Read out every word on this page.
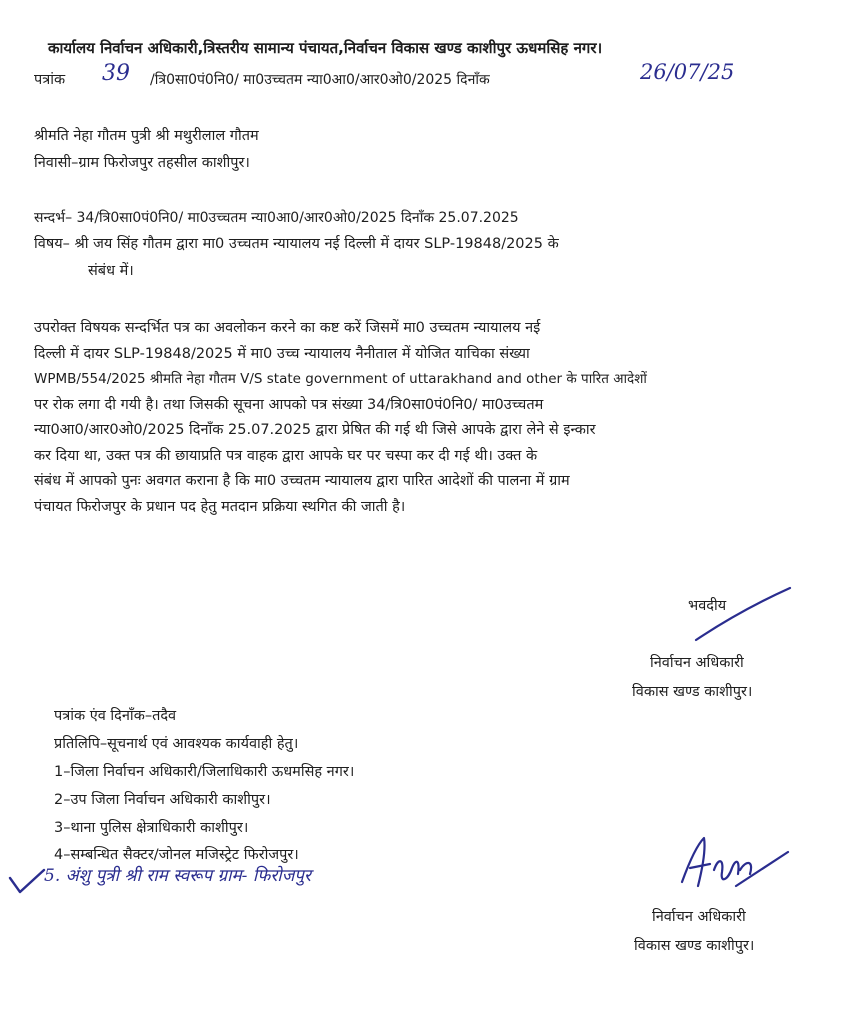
कार्यालय निर्वाचन अधिकारी,त्रिस्तरीय सामान्य पंचायत,निर्वाचन विकास खण्ड काशीपुर ऊधमसिह नगर।
पत्रांक 39 /त्रि0सा0पं0नि0/ मा0उच्चतम न्या0आ0/आर0ओ0/2025 दिनाँक	26/07/25
श्रीमति नेहा गौतम पुत्री श्री मथुरीलाल गौतम
निवासी–ग्राम फिरोजपुर तहसील काशीपुर।
सन्दर्भ– 34/त्रि0सा0पं0नि0/ मा0उच्चतम न्या0आ0/आर0ओ0/2025 दिनाँक 25.07.2025
विषय– श्री जय सिंह गौतम द्वारा मा0 उच्चतम न्यायालय नई दिल्ली में दायर SLP-19848/2025 के
संबंध में।
उपरोक्त विषयक सन्दर्भित पत्र का अवलोकन करने का कष्ट करें जिसमें मा0 उच्चतम न्यायालय नई
दिल्ली में दायर SLP-19848/2025 में मा0 उच्च न्यायालय नैनीताल में योजित याचिका संख्या
WPMB/554/2025 श्रीमति नेहा गौतम V/S state government of uttarakhand and other के पारित आदेशों
पर रोक लगा दी गयी है। तथा जिसकी सूचना आपको पत्र संख्या 34/त्रि0सा0पं0नि0/ मा0उच्चतम
न्या0आ0/आर0ओ0/2025 दिनाँक 25.07.2025 द्वारा प्रेषित की गई थी जिसे आपके द्वारा लेने से इन्कार
कर दिया था, उक्त पत्र की छायाप्रति पत्र वाहक द्वारा आपके घर पर चस्पा कर दी गई थी। उक्त के
संबंध में आपको पुनः अवगत कराना है कि मा0 उच्चतम न्यायालय द्वारा पारित आदेशों की पालना में ग्राम
पंचायत फिरोजपुर के प्रधान पद हेतु मतदान प्रक्रिया स्थगित की जाती है।
भवदीय
निर्वाचन अधिकारी
विकास खण्ड काशीपुर।
पत्रांक एंव दिनाँक–तदैव
प्रतिलिपि–सूचनार्थ एवं आवश्यक कार्यवाही हेतु।
1–जिला निर्वाचन अधिकारी/जिलाधिकारी ऊधमसिह नगर।
2–उप जिला निर्वाचन अधिकारी काशीपुर।
3–थाना पुलिस क्षेत्राधिकारी काशीपुर।
4–सम्बन्धित सैक्टर/जोनल मजिस्ट्रेट फिरोजपुर।
5. अंशु पुत्री श्री राम स्वरूप ग्राम- फिरोजपुर
निर्वाचन अधिकारी
विकास खण्ड काशीपुर।
